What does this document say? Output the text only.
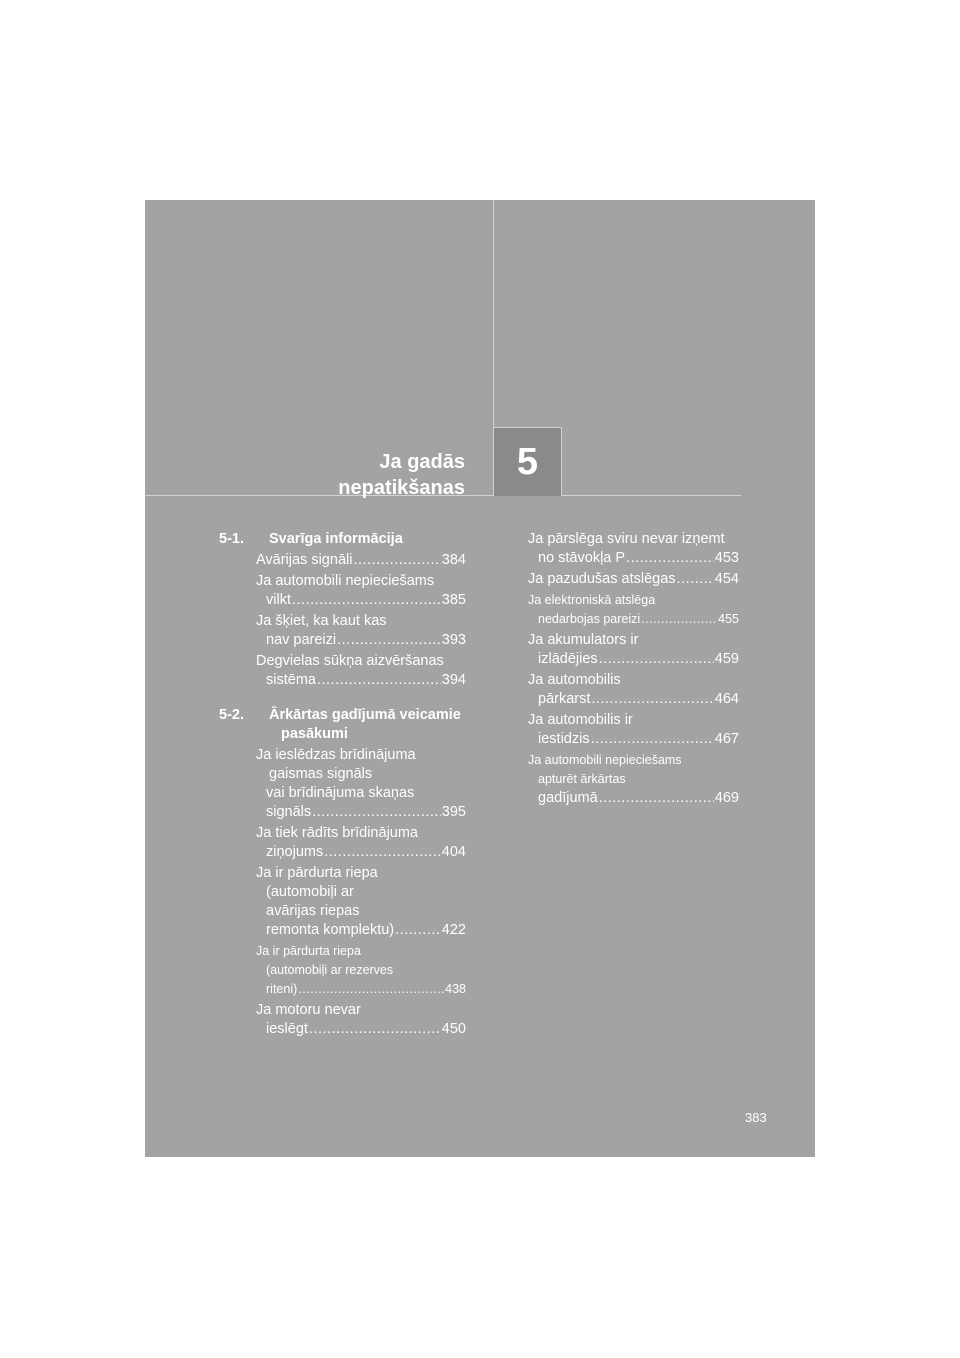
Ja gadās
nepatikšanas
5
5-1.	Svarīga informācija
Avārijas signāli .....	384
Ja automobili nepieciešams
vilkt .....	385
Ja šķiet, ka kaut kas
nav pareizi .....	393
Degvielas sūkņa aizvēršanas
sistēma .....	394
5-2.	Ārkārtas gadījumā veicamie
pasākumi
Ja ieslēdzas brīdinājuma
gaismas signāls
vai brīdinājuma skaņas
signāls .....	395
Ja tiek rādīts brīdinājuma
ziņojums .....	404
Ja ir pārdurta riepa
(automobiļi ar
avārijas riepas
remonta komplektu) .....	422
Ja ir pārdurta riepa
(automobiļi ar rezerves
riteni) .....	438
Ja motoru nevar
ieslēgt .....	450
Ja pārslēga sviru nevar izņemt
no stāvokļa P .....	453
Ja pazudušas atslēgas .....	454
Ja elektroniskā atslēga
nedarbojas pareizi .....	455
Ja akumulators ir
izlādējies .....	459
Ja automobilis
pārkarst .....	464
Ja automobilis ir
iestidzis .....	467
Ja automobili nepieciešams
apturēt ārkārtas
gadījumā .....	469
383
